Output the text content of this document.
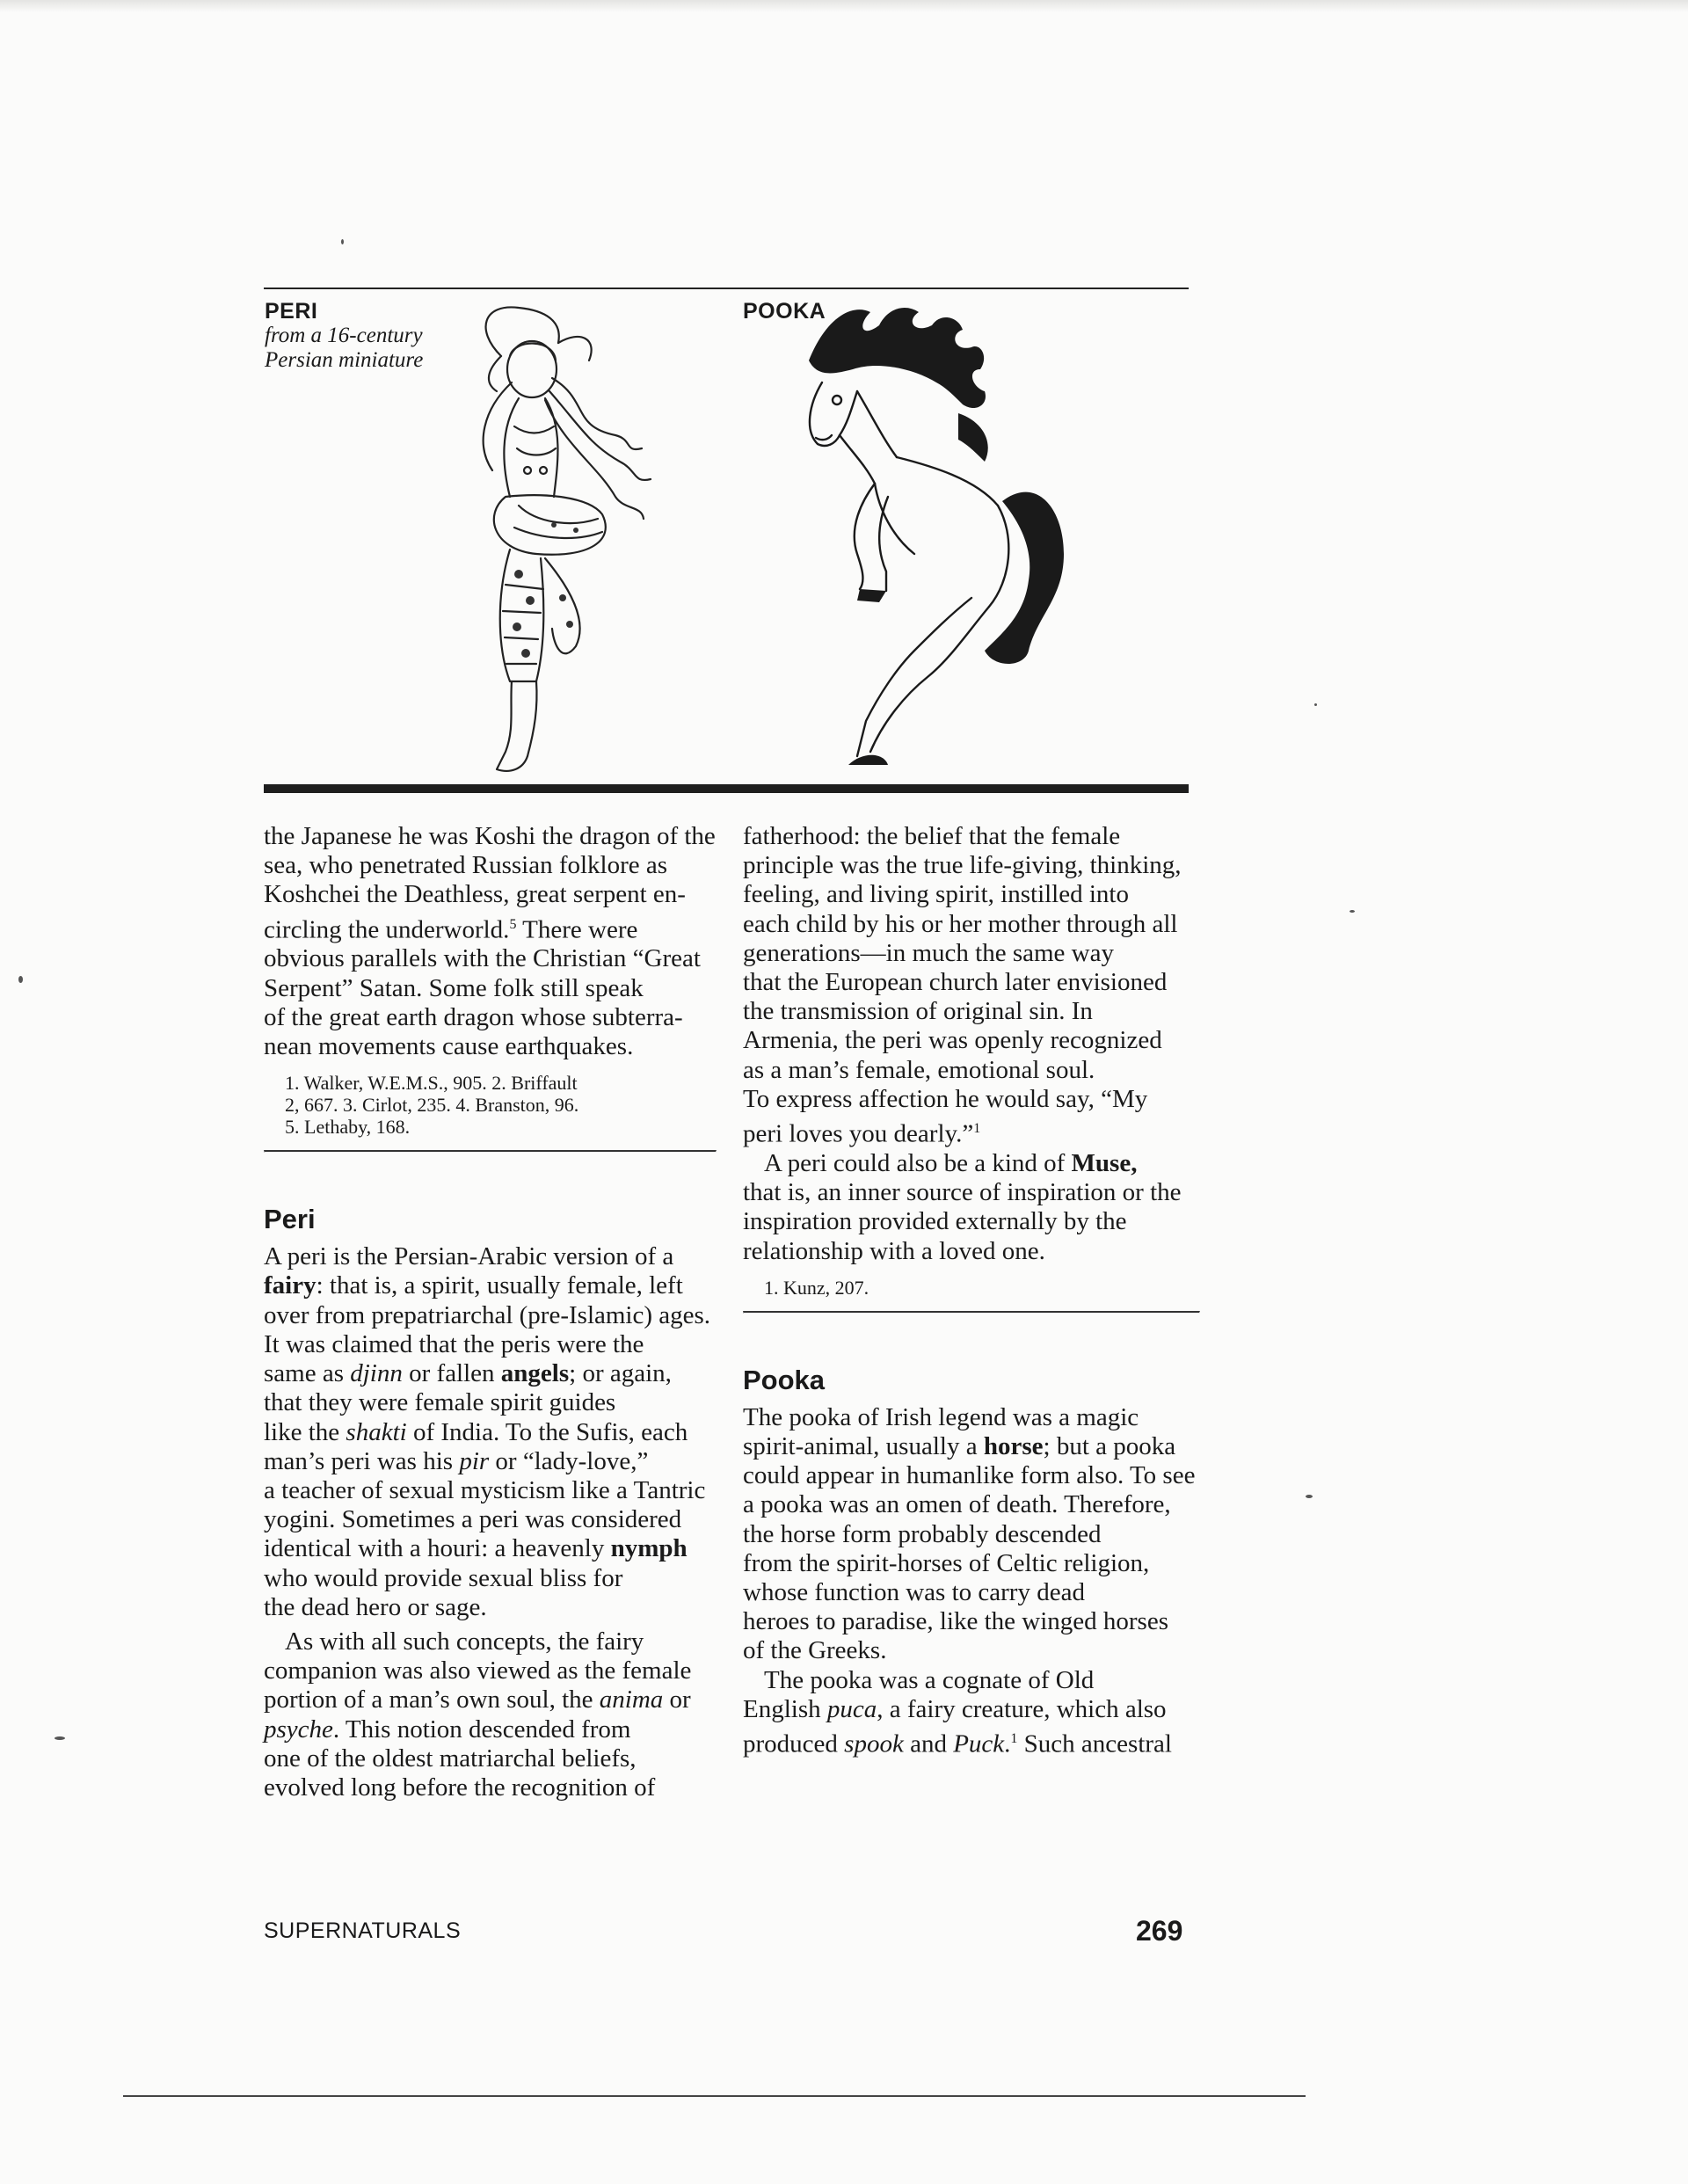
PERI
from a 16-century
Persian miniature
POOKA

the Japanese he was Koshi the dragon of the
sea, who penetrated Russian folklore as
Koshchei the Deathless, great serpent en-
circling the underworld.$^5$ There were
obvious parallels with the Christian “Great
Serpent” Satan. Some folk still speak
of the great earth dragon whose subterra-
nean movements cause earthquakes.

1. Walker, W.E.M.S., 905. 2. Briffault
2, 667. 3. Cirlot, 235. 4. Branston, 96.
5. Lethaby, 168.
Peri

A peri is the Persian-Arabic version of a
fairy: that is, a spirit, usually female, left
over from prepatriarchal (pre-Islamic) ages.
It was claimed that the peris were the
same as djinn or fallen angels; or again,
that they were female spirit guides
like the shakti of India. To the Sufis, each
man’s peri was his pir or “lady-love,”
a teacher of sexual mysticism like a Tantric
yogini. Sometimes a peri was considered
identical with a houri: a heavenly nymph
who would provide sexual bliss for
the dead hero or sage.

As with all such concepts, the fairy
companion was also viewed as the female
portion of a man’s own soul, the anima or
psyche. This notion descended from
one of the oldest matriarchal beliefs,
evolved long before the recognition of

fatherhood: the belief that the female
principle was the true life-giving, thinking,
feeling, and living spirit, instilled into
each child by his or her mother through all
generations—in much the same way
that the European church later envisioned
the transmission of original sin. In
Armenia, the peri was openly recognized
as a man’s female, emotional soul.
To express affection he would say, “My
peri loves you dearly.”$^1$

A peri could also be a kind of Muse,
that is, an inner source of inspiration or the
inspiration provided externally by the
relationship with a loved one.

1. Kunz, 207.
Pooka

The pooka of Irish legend was a magic
spirit-animal, usually a horse; but a pooka
could appear in humanlike form also. To see
a pooka was an omen of death. Therefore,
the horse form probably descended
from the spirit-horses of Celtic religion,
whose function was to carry dead
heroes to paradise, like the winged horses
of the Greeks.

The pooka was a cognate of Old
English puca, a fairy creature, which also
produced spook and Puck.$^1$ Such ancestral

SUPERNATURALS	269
